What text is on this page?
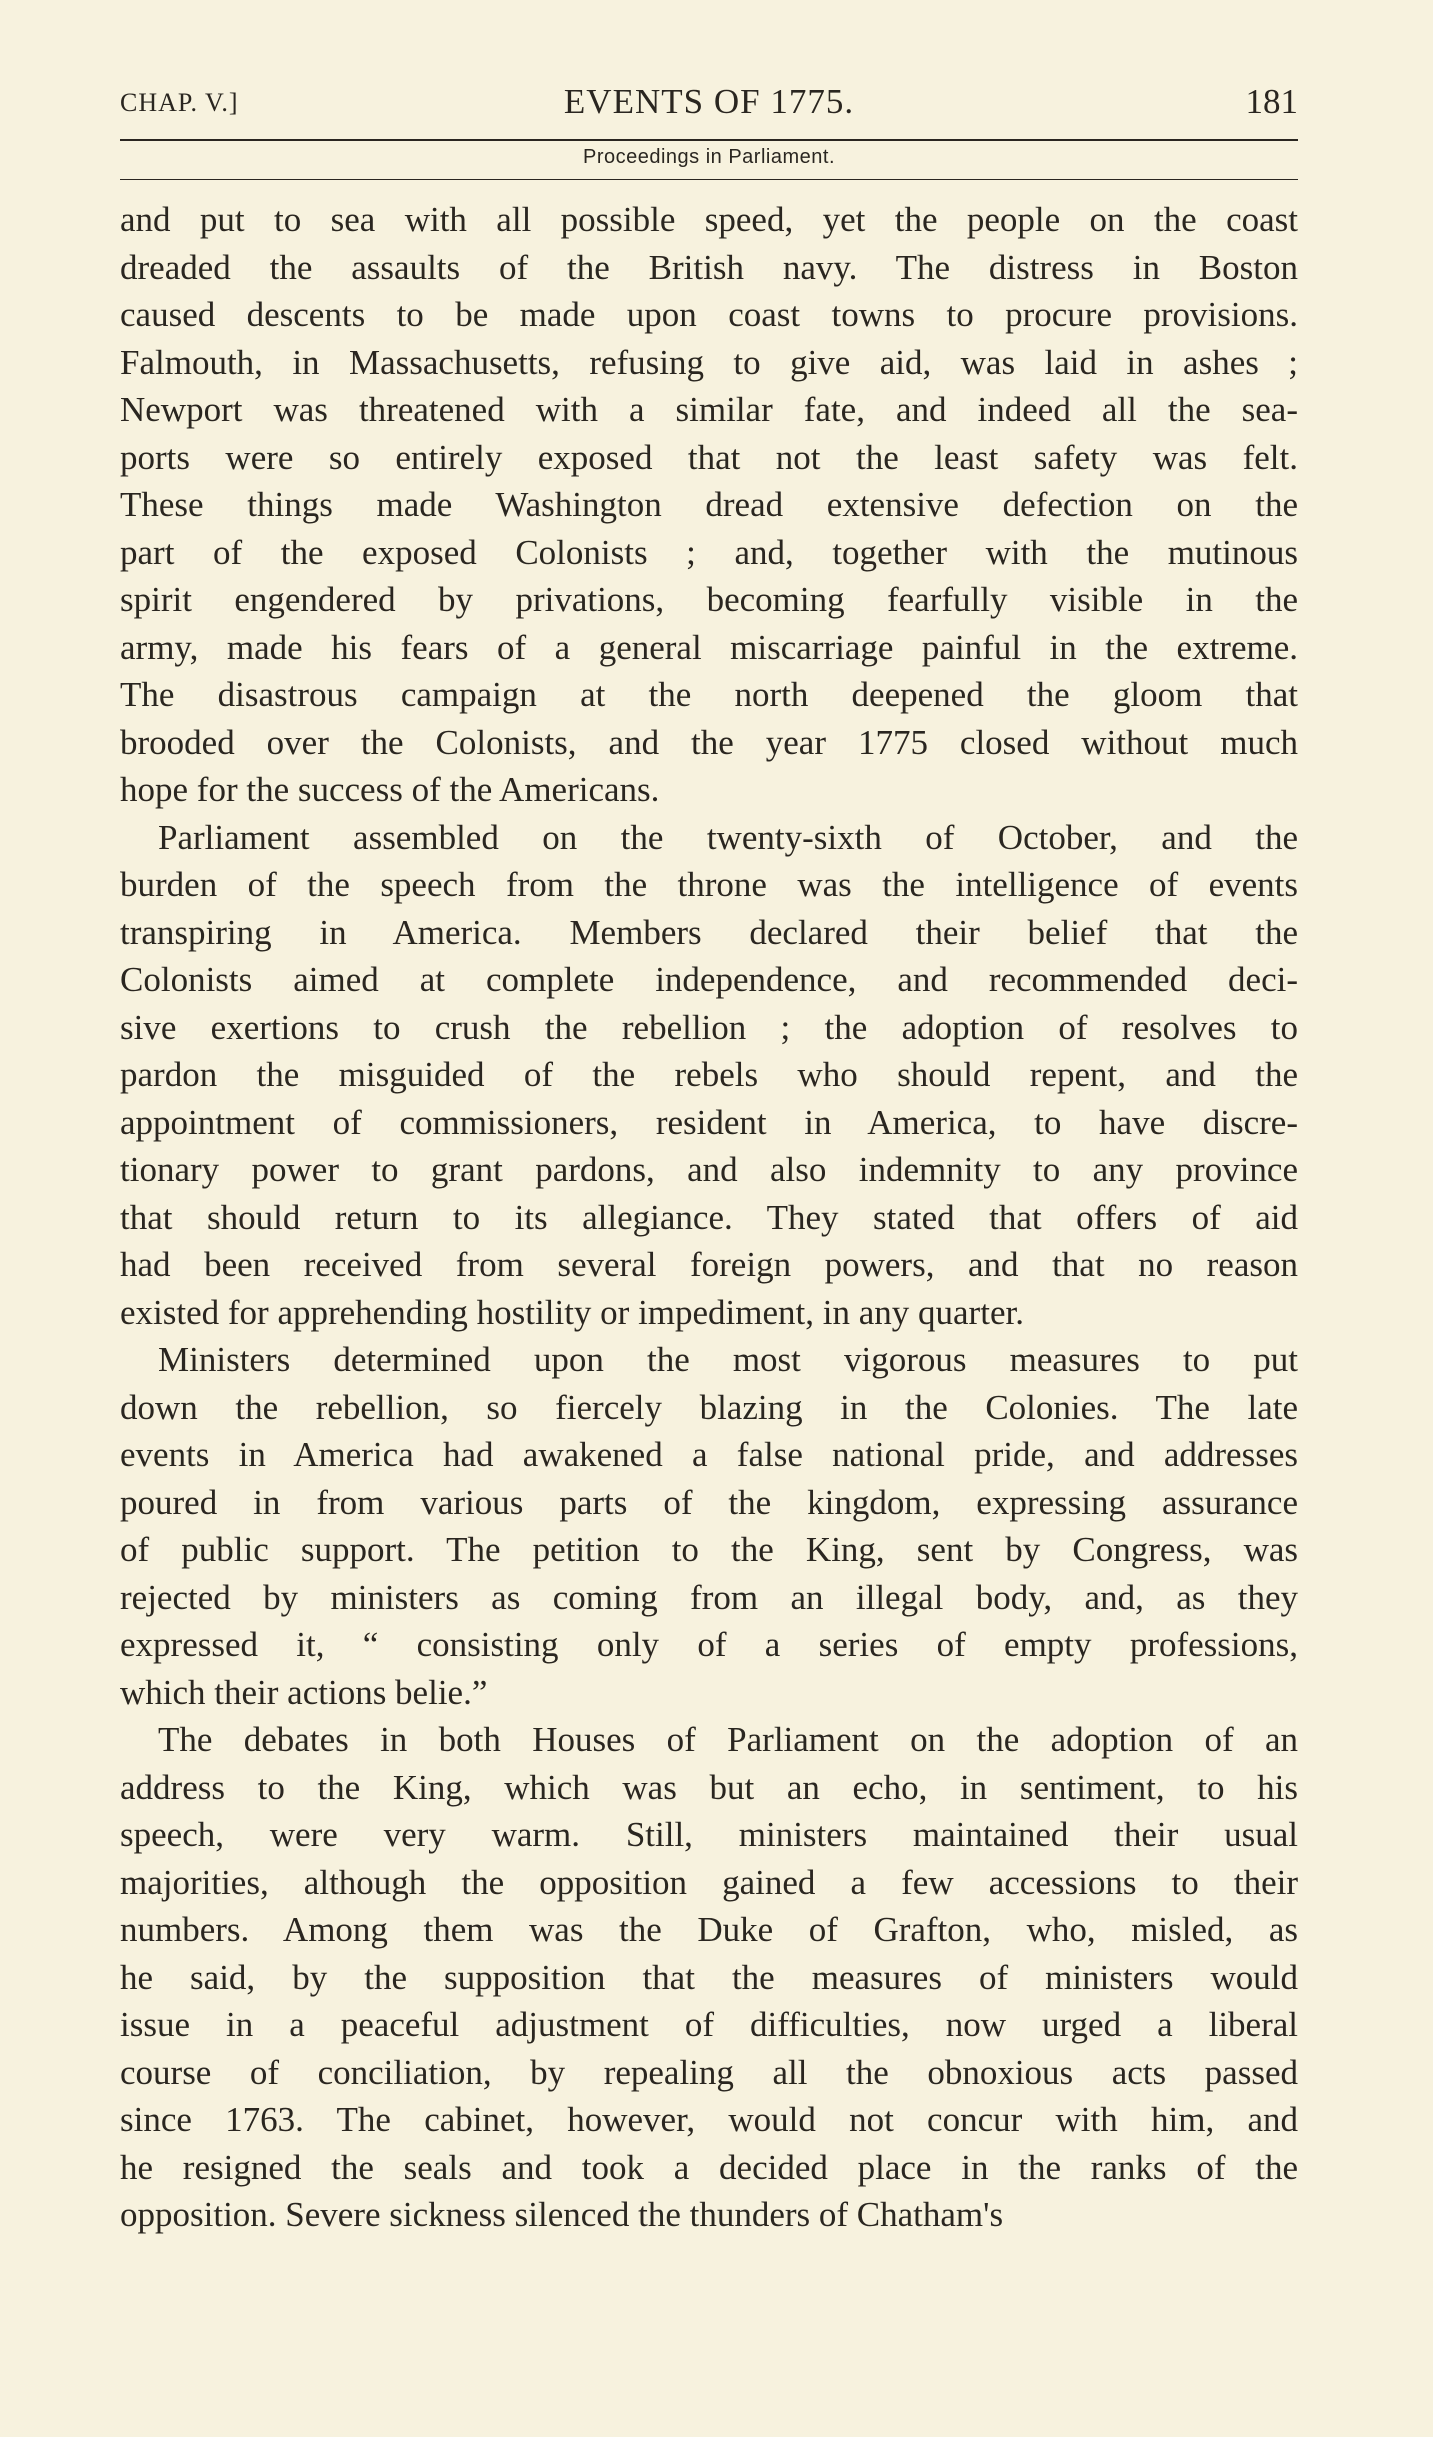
CHAP. V.]	EVENTS OF 1775.	181
Proceedings in Parliament.
and put to sea with all possible speed, yet the people on the coast
dreaded the assaults of the British navy. The distress in Boston
caused descents to be made upon coast towns to procure provisions.
Falmouth, in Massachusetts, refusing to give aid, was laid in ashes ;
Newport was threatened with a similar fate, and indeed all the sea-
ports were so entirely exposed that not the least safety was felt.
These things made Washington dread extensive defection on the
part of the exposed Colonists ; and, together with the mutinous
spirit engendered by privations, becoming fearfully visible in the
army, made his fears of a general miscarriage painful in the extreme.
The disastrous campaign at the north deepened the gloom that
brooded over the Colonists, and the year 1775 closed without much
hope for the success of the Americans.
Parliament assembled on the twenty-sixth of October, and the
burden of the speech from the throne was the intelligence of events
transpiring in America. Members declared their belief that the
Colonists aimed at complete independence, and recommended deci-
sive exertions to crush the rebellion ; the adoption of resolves to
pardon the misguided of the rebels who should repent, and the
appointment of commissioners, resident in America, to have discre-
tionary power to grant pardons, and also indemnity to any province
that should return to its allegiance. They stated that offers of aid
had been received from several foreign powers, and that no reason
existed for apprehending hostility or impediment, in any quarter.
Ministers determined upon the most vigorous measures to put
down the rebellion, so fiercely blazing in the Colonies. The late
events in America had awakened a false national pride, and addresses
poured in from various parts of the kingdom, expressing assurance
of public support. The petition to the King, sent by Congress, was
rejected by ministers as coming from an illegal body, and, as they
expressed it, “ consisting only of a series of empty professions,
which their actions belie.”
The debates in both Houses of Parliament on the adoption of an
address to the King, which was but an echo, in sentiment, to his
speech, were very warm. Still, ministers maintained their usual
majorities, although the opposition gained a few accessions to their
numbers. Among them was the Duke of Grafton, who, misled, as
he said, by the supposition that the measures of ministers would
issue in a peaceful adjustment of difficulties, now urged a liberal
course of conciliation, by repealing all the obnoxious acts passed
since 1763. The cabinet, however, would not concur with him, and
he resigned the seals and took a decided place in the ranks of the
opposition. Severe sickness silenced the thunders of Chatham's
